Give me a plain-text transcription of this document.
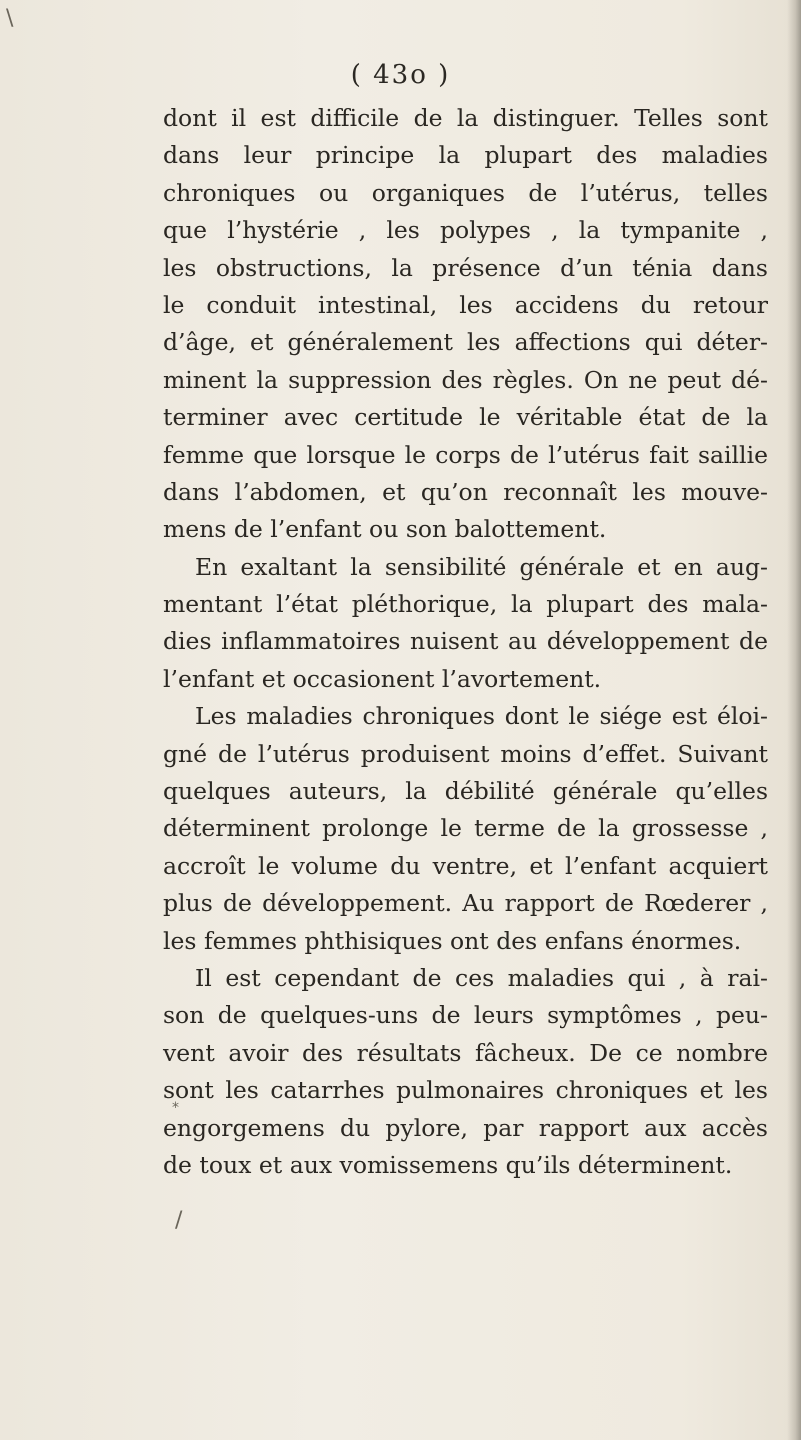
\
( 43o )
dont il est difficile de la distinguer. Telles sont
dans leur principe la plupart des maladies
chroniques ou organiques de l’utérus, telles
que l’hystérie , les polypes , la tympanite ,
les obstructions, la présence d’un ténia dans
le conduit intestinal, les accidens du retour
d’âge, et généralement les affections qui déter-
minent la suppression des règles. On ne peut dé-
terminer avec certitude le véritable état de la
femme que lorsque le corps de l’utérus fait saillie
dans l’abdomen, et qu’on reconnaît les mouve-
mens de l’enfant ou son balottement.
En exaltant la sensibilité générale et en aug-
mentant l’état pléthorique, la plupart des mala-
dies inflammatoires nuisent au développement de
l’enfant et occasionent l’avortement.
Les maladies chroniques dont le siége est éloi-
gné de l’utérus produisent moins d’effet. Suivant
quelques auteurs, la débilité générale qu’elles
déterminent prolonge le terme de la grossesse ,
accroît le volume du ventre, et l’enfant acquiert
plus de développement. Au rapport de Rœderer ,
les femmes phthisiques ont des enfans énormes.
Il est cependant de ces maladies qui , à rai-
son de quelques-uns de leurs symptômes , peu-
vent avoir des résultats fâcheux. De ce nombre
sont les catarrhes pulmonaires chroniques et les
engorgemens du pylore, par rapport aux accès
de toux et aux vomissemens qu’ils déterminent.
*
/
